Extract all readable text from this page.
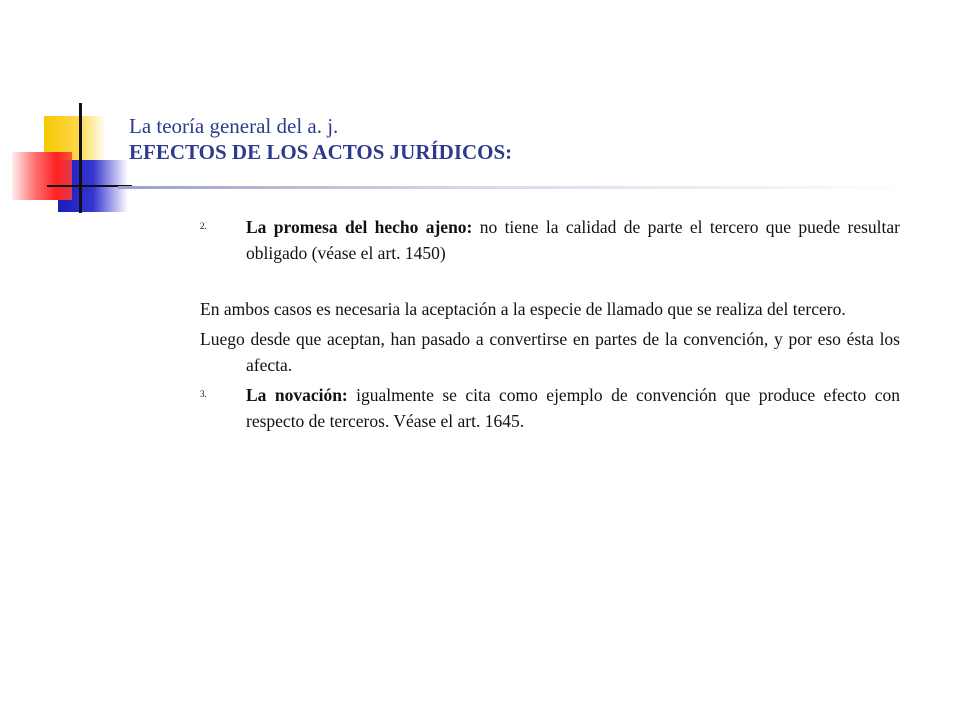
La teoría general del a. j.
EFECTOS DE LOS ACTOS JURÍDICOS:
2. La promesa del hecho ajeno: no tiene la calidad de parte el tercero que puede resultar obligado (véase el art. 1450)
En ambos casos es necesaria la aceptación a la especie de llamado que se realiza del tercero.
Luego desde que aceptan, han pasado a convertirse en partes de la convención, y por eso ésta los afecta.
3. La novación: igualmente se cita como ejemplo de convención que produce efecto con respecto de terceros. Véase el art. 1645.
